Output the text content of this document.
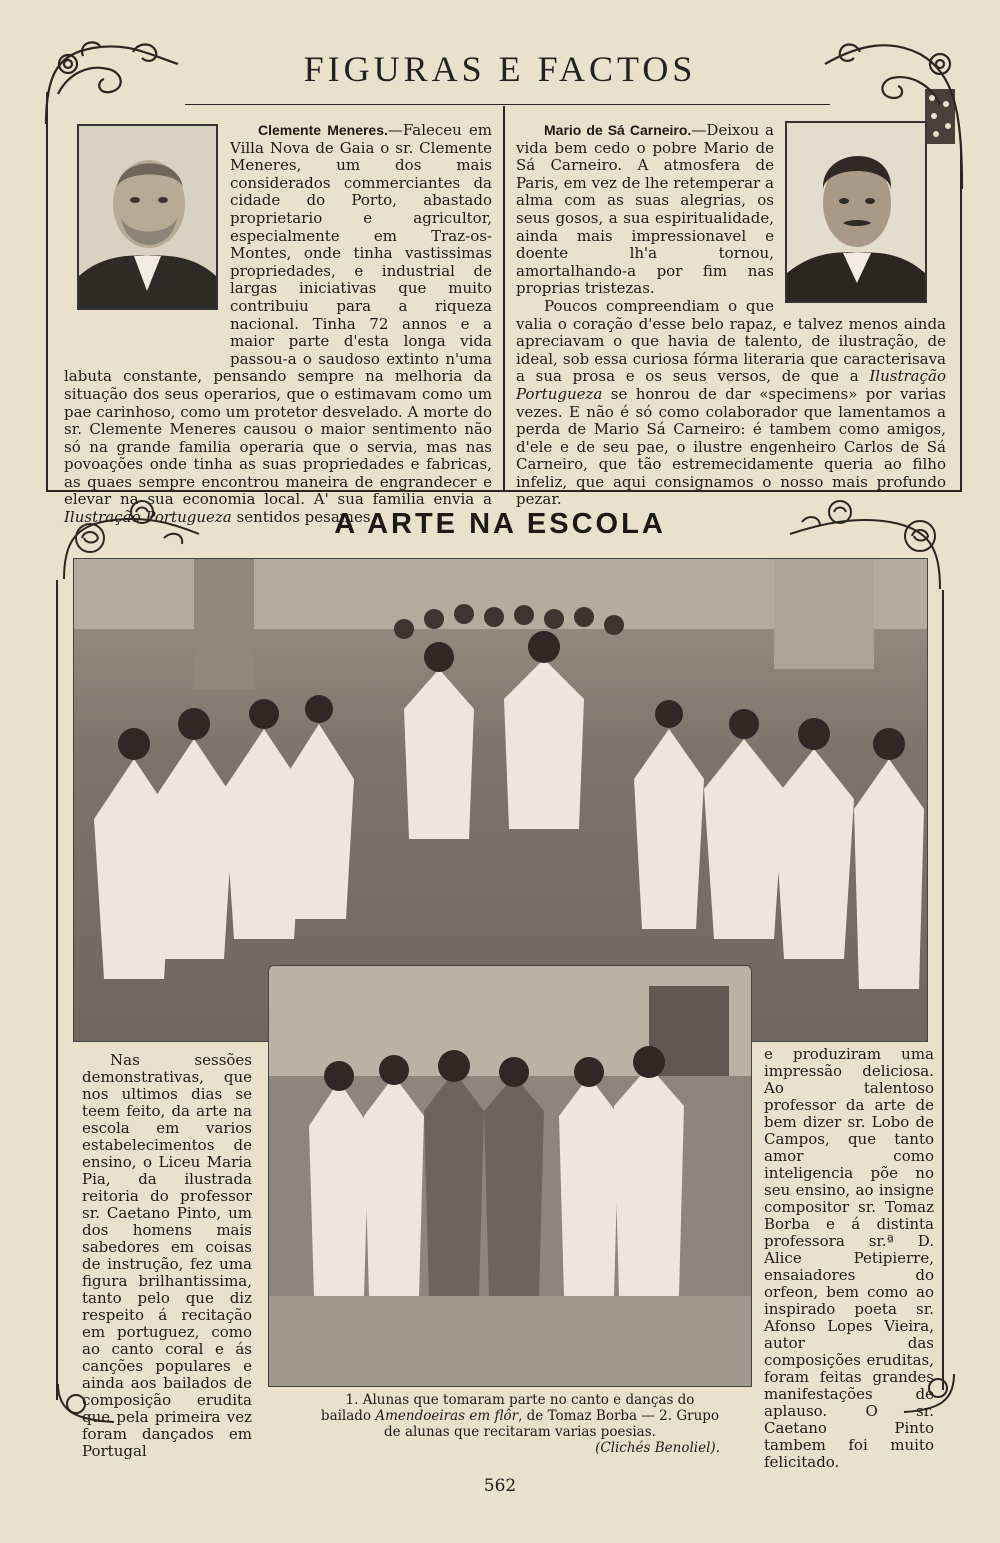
FIGURAS E FACTOS

Clemente Meneres.—Faleceu em Villa Nova de Gaia o sr. Clemente Meneres, um dos mais considerados commerciantes da cidade do Porto, abastado proprietario e agricultor, especialmente em Traz-os-Montes, onde tinha vastissimas propriedades, e industrial de largas iniciativas que muito contribuiu para a riqueza nacional. Tinha 72 annos e a maior parte d'esta longa vida passou-a o saudoso extinto n'uma labuta constante, pensando sempre na melhoria da situação dos seus operarios, que o estimavam como um pae carinhoso, como um protetor desvelado. A morte do sr. Clemente Meneres causou o maior sentimento não só na grande familia operaria que o servia, mas nas povoações onde tinha as suas propriedades e fabricas, as quaes sempre encontrou maneira de engrandecer e elevar na sua economia local. A' sua familia envia a Ilustração Portugueza sentidos pesames.

Mario de Sá Carneiro.—Deixou a vida bem cedo o pobre Mario de Sá Carneiro. A atmosfera de Paris, em vez de lhe retemperar a alma com as suas alegrias, os seus gosos, a sua espiritualidade, ainda mais impressionavel e doente lh'a tornou, amortalhando-a por fim nas proprias tristezas.

Poucos compreendiam o que valia o coração d'esse belo rapaz, e talvez menos ainda apreciavam o que havia de talento, de ilustração, de ideal, sob essa curiosa fórma literaria que caracterisava a sua prosa e os seus versos, de que a Ilustração Portugueza se honrou de dar «specimens» por varias vezes. E não é só como colaborador que lamentamos a perda de Mario Sá Carneiro: é tambem como amigos, d'ele e de seu pae, o ilustre engenheiro Carlos de Sá Carneiro, que tão estremecidamente queria ao filho infeliz, que aqui consignamos o nosso mais profundo pezar.

A ARTE NA ESCOLA

Nas sessões demonstrativas, que nos ultimos dias se teem feito, da arte na escola em varios estabelecimentos de ensino, o Liceu Maria Pia, da ilustrada reitoria do professor sr. Caetano Pinto, um dos homens mais sabedores em coisas de instrução, fez uma figura brilhantissima, tanto pelo que diz respeito á recitação em portuguez, como ao canto coral e ás canções populares e ainda aos bailados de composição erudita que pela primeira vez foram dançados em Portugal

e produziram uma impressão deliciosa. Ao talentoso professor da arte de bem dizer sr. Lobo de Campos, que tanto amor como inteligencia põe no seu ensino, ao insigne compositor sr. Tomaz Borba e á distinta professora sr.ª D. Alice Petipierre, ensaiadores do orfeon, bem como ao inspirado poeta sr. Afonso Lopes Vieira, autor das composições eruditas, foram feitas grandes manifestações de aplauso. O sr. Caetano Pinto tambem foi muito felicitado.

1. Alunas que tomaram parte no canto e danças do bailado Amendoeiras em flôr, de Tomaz Borba — 2. Grupo de alunas que recitaram varias poesias.
(Clichés Benoliel).
562
